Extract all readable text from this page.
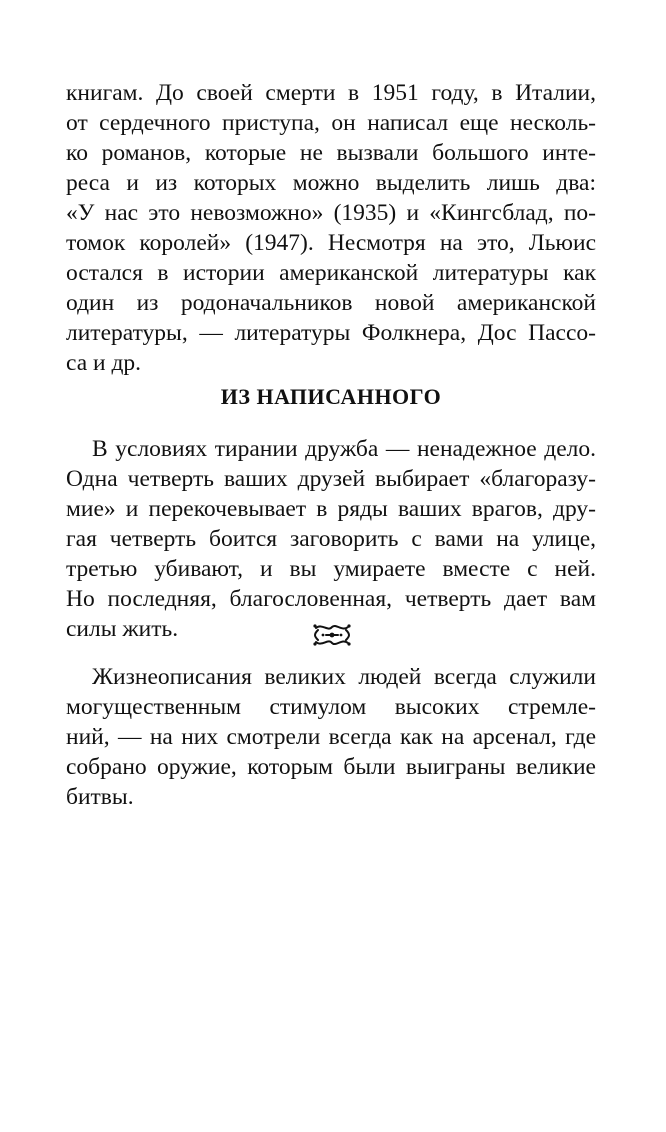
книгам. До своей смерти в 1951 году, в Италии,
от сердечного приступа, он написал еще несколь-
ко романов, которые не вызвали большого инте-
реса и из которых можно выделить лишь два:
«У нас это невозможно» (1935) и «Кингсблад, по-
томок королей» (1947). Несмотря на это, Льюис
остался в истории американской литературы как
один из родоначальников новой американской
литературы, — литературы Фолкнера, Дос Пассо-
са и др.
ИЗ НАПИСАННОГО
В условиях тирании дружба — ненадежное дело.
Одна четверть ваших друзей выбирает «благоразу-
мие» и перекочевывает в ряды ваших врагов, дру-
гая четверть боится заговорить с вами на улице,
третью убивают, и вы умираете вместе с ней.
Но последняя, благословенная, четверть дает вам
силы жить.
Жизнеописания великих людей всегда служили
могущественным стимулом высоких стремле-
ний, — на них смотрели всегда как на арсенал, где
собрано оружие, которым были выиграны великие
битвы.
